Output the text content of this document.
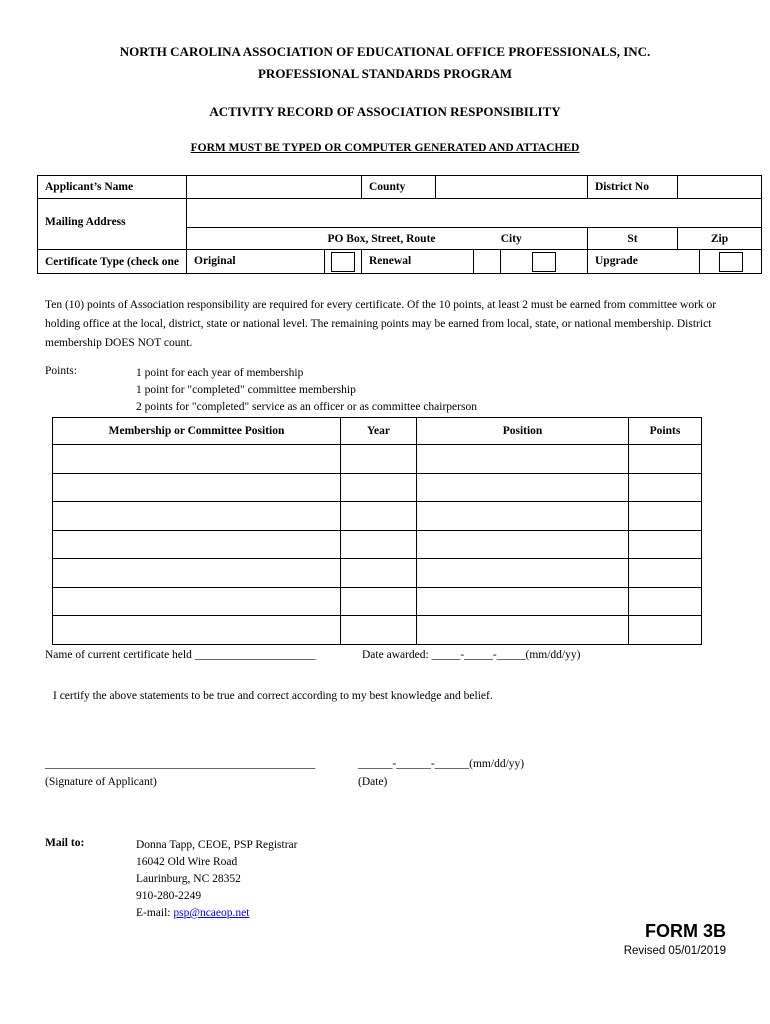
NORTH CAROLINA ASSOCIATION OF EDUCATIONAL OFFICE PROFESSIONALS, INC.
PROFESSIONAL STANDARDS PROGRAM
ACTIVITY RECORD OF ASSOCIATION RESPONSIBILITY
FORM MUST BE TYPED OR COMPUTER GENERATED AND ATTACHED
Applicant’s Name		County		District No	
Mailing Address					
	PO Box, Street, Route		City	St	Zip
Certificate Type (check one	Original	Renewal		Upgrade	
Ten (10) points of Association responsibility are required for every certificate. Of the 10 points, at least 2 must be earned from committee work or holding office at the local, district, state or national level. The remaining points may be earned from local, state, or national membership. District membership DOES NOT count.
Points:	1 point for each year of membership
1 point for "completed" committee membership
2 points for "completed" service as an officer or as committee chairperson
Membership or Committee Position	Year	Position	Points

Name of current certificate held _____________________	Date awarded: _____-_____-_____(mm/dd/yy)
I certify the above statements to be true and correct according to my best knowledge and belief.
_______________________________________________
(Signature of Applicant)
______-______-______(mm/dd/yy)
(Date)
Mail to:	Donna Tapp, CEOE, PSP Registrar
16042 Old Wire Road
Laurinburg, NC 28352
910-280-2249
E-mail: psp@ncaeop.net
FORM 3B
Revised 05/01/2019
